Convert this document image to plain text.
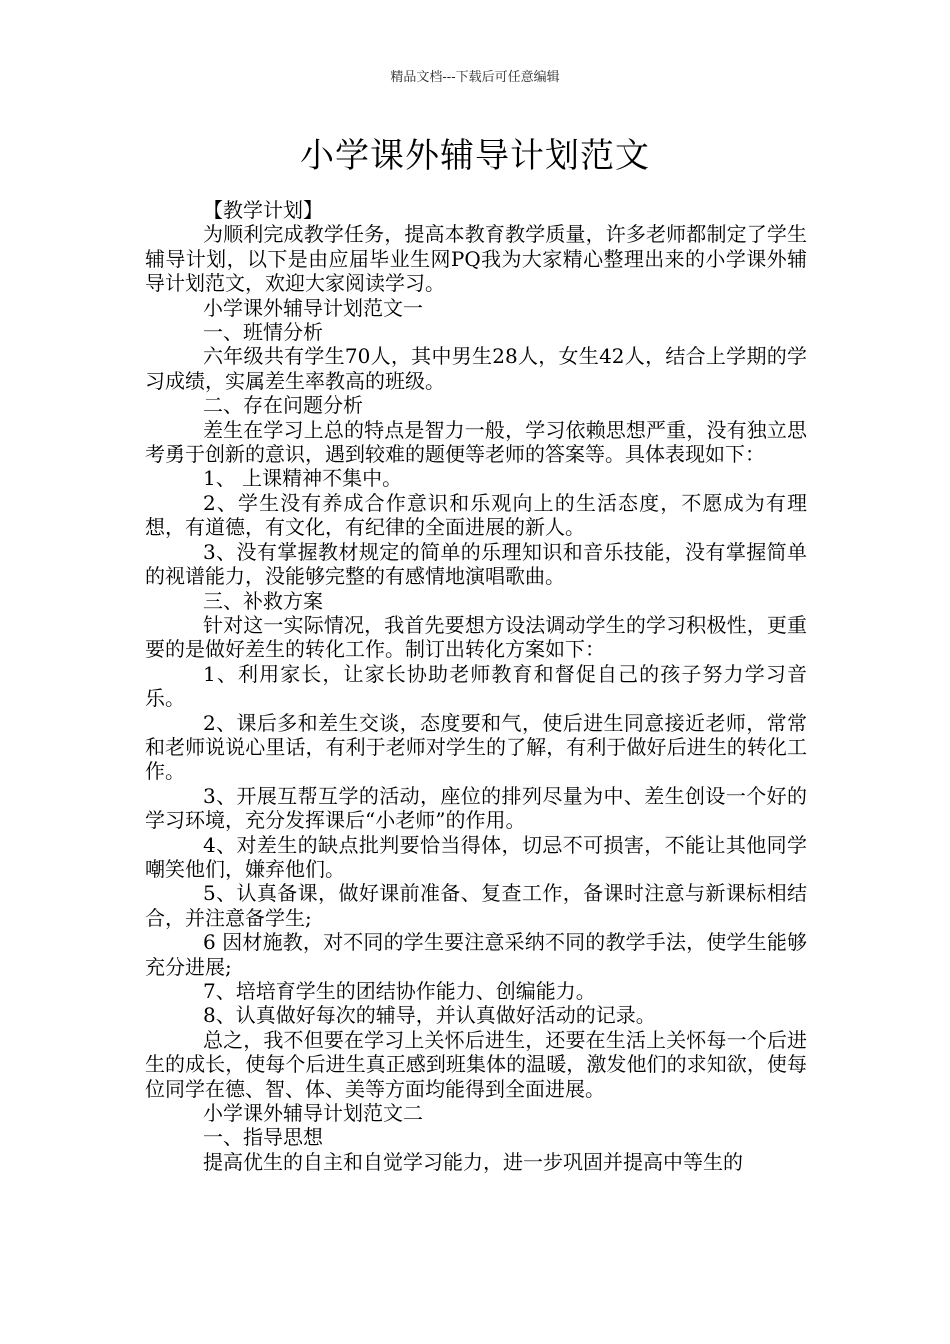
精品文档---下载后可任意编辑
小学课外辅导计划范文

【教学计划】

为顺利完成教学任务，提高本教育教学质量，许多老师都制定了学生辅导计划，以下是由应届毕业生网PQ我为大家精心整理出来的小学课外辅导计划范文，欢迎大家阅读学习。

小学课外辅导计划范文一

一、班情分析

六年级共有学生70人，其中男生28人，女生42人，结合上学期的学习成绩，实属差生率教高的班级。

二、存在问题分析

差生在学习上总的特点是智力一般，学习依赖思想严重，没有独立思考勇于创新的意识，遇到较难的题便等老师的答案等。具体表现如下：

1、 上课精神不集中。

2、学生没有养成合作意识和乐观向上的生活态度，不愿成为有理想，有道德，有文化，有纪律的全面进展的新人。

3、没有掌握教材规定的简单的乐理知识和音乐技能，没有掌握简单的视谱能力，没能够完整的有感情地演唱歌曲。

三、补救方案

针对这一实际情况，我首先要想方设法调动学生的学习积极性，更重要的是做好差生的转化工作。制订出转化方案如下：

1、利用家长，让家长协助老师教育和督促自己的孩子努力学习音乐。

2、课后多和差生交谈，态度要和气，使后进生同意接近老师，常常和老师说说心里话，有利于老师对学生的了解，有利于做好后进生的转化工作。

3、开展互帮互学的活动，座位的排列尽量为中、差生创设一个好的学习环境，充分发挥课后“小老师”的作用。

4、对差生的缺点批判要恰当得体，切忌不可损害，不能让其他同学嘲笑他们，嫌弃他们。

5、认真备课，做好课前准备、复查工作，备课时注意与新课标相结合，并注意备学生;

6 因材施教，对不同的学生要注意采纳不同的教学手法，使学生能够充分进展;

7、培培育学生的团结协作能力、创编能力。

8、认真做好每次的辅导，并认真做好活动的记录。

总之，我不但要在学习上关怀后进生，还要在生活上关怀每一个后进生的成长，使每个后进生真正感到班集体的温暖，激发他们的求知欲，使每位同学在德、智、体、美等方面均能得到全面进展。

小学课外辅导计划范文二

一、指导思想

提高优生的自主和自觉学习能力，进一步巩固并提高中等生的
